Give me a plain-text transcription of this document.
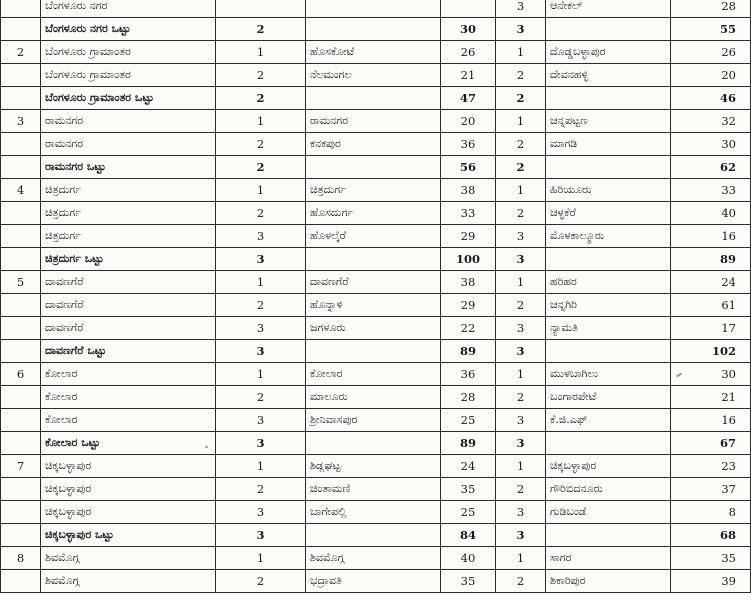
	ಬೆಂಗಳೂರು ನಗರ				3	ಆನೇಕಲ್	28
	ಬೆಂಗಳೂರು ನಗರ ಒಟ್ಟು	2		30	3		55
2	ಬೆಂಗಳೂರು ಗ್ರಾಮಾಂತರ	1	ಹೊಸಕೋಟೆ	26	1	ದೊಡ್ಡಬಳ್ಳಾಪುರ	26
	ಬೆಂಗಳೂರು ಗ್ರಾಮಾಂತರ	2	ನೆಲಮಂಗಲ	21	2	ದೇವನಹಳ್ಳಿ	20
	ಬೆಂಗಳೂರು ಗ್ರಾಮಾಂತರ ಒಟ್ಟು	2		47	2		46
3	ರಾಮನಗರ	1	ರಾಮನಗರ	20	1	ಚನ್ನಪಟ್ಟಣ	32
	ರಾಮನಗರ	2	ಕನಕಪುರ	36	2	ಮಾಗಡಿ	30
	ರಾಮನಗರ ಒಟ್ಟು	2		56	2		62
4	ಚಿತ್ರದುರ್ಗ	1	ಚಿತ್ರದುರ್ಗ	38	1	ಹಿರಿಯೂರು	33
	ಚಿತ್ರದುರ್ಗ	2	ಹೊಸದುರ್ಗ	33	2	ಚಳ್ಳಕೆರೆ	40
	ಚಿತ್ರದುರ್ಗ	3	ಹೊಳಲ್ಕೆರೆ	29	3	ಮೊಳಕಾಲ್ಮೂರು	16
	ಚಿತ್ರದುರ್ಗ ಒಟ್ಟು	3		100	3		89
5	ದಾವಣಗೆರೆ	1	ದಾವಣಗೆರೆ	38	1	ಹರಿಹರ	24
	ದಾವಣಗೆರೆ	2	ಹೊನ್ನಾಳಿ	29	2	ಚನ್ನಗಿರಿ	61
	ದಾವಣಗೆರೆ	3	ಜಗಳೂರು	22	3	ನ್ಯಾಮತಿ	17
	ದಾವಣಗೆರೆ ಒಟ್ಟು	3		89	3		102
6	ಕೋಲಾರ	1	ಕೋಲಾರ	36	1	ಮುಳಬಾಗಿಲು	30
	ಕೋಲಾರ	2	ಮಾಲೂರು	28	2	ಬಂಗಾರಪೇಟೆ	21
	ಕೋಲಾರ	3	ಶ್ರೀನಿವಾಸಪುರ	25	3	ಕೆ.ಜಿ.ಎಫ್	16
	ಕೋಲಾರ ಒಟ್ಟು	3		89	3		67
7	ಚಿಕ್ಕಬಳ್ಳಾಪುರ	1	ಶಿಡ್ಲಘಟ್ಟ	24	1	ಚಿಕ್ಕಬಳ್ಳಾಪುರ	23
	ಚಿಕ್ಕಬಳ್ಳಾಪುರ	2	ಚಿಂತಾಮಣಿ	35	2	ಗೌರಿಬಿದನೂರು	37
	ಚಿಕ್ಕಬಳ್ಳಾಪುರ	3	ಬಾಗೇಪಲ್ಲಿ	25	3	ಗುಡಿಬಂಡೆ	8
	ಚಿಕ್ಕಬಳ್ಳಾಪುರ ಒಟ್ಟು	3		84	3		68
8	ಶಿವಮೊಗ್ಗ	1	ಶಿವಮೊಗ್ಗ	40	1	ಸಾಗರ	35
	ಶಿವಮೊಗ್ಗ	2	ಭದ್ರಾವತಿ	35	2	ಶಿಕಾರಿಪುರ	39
